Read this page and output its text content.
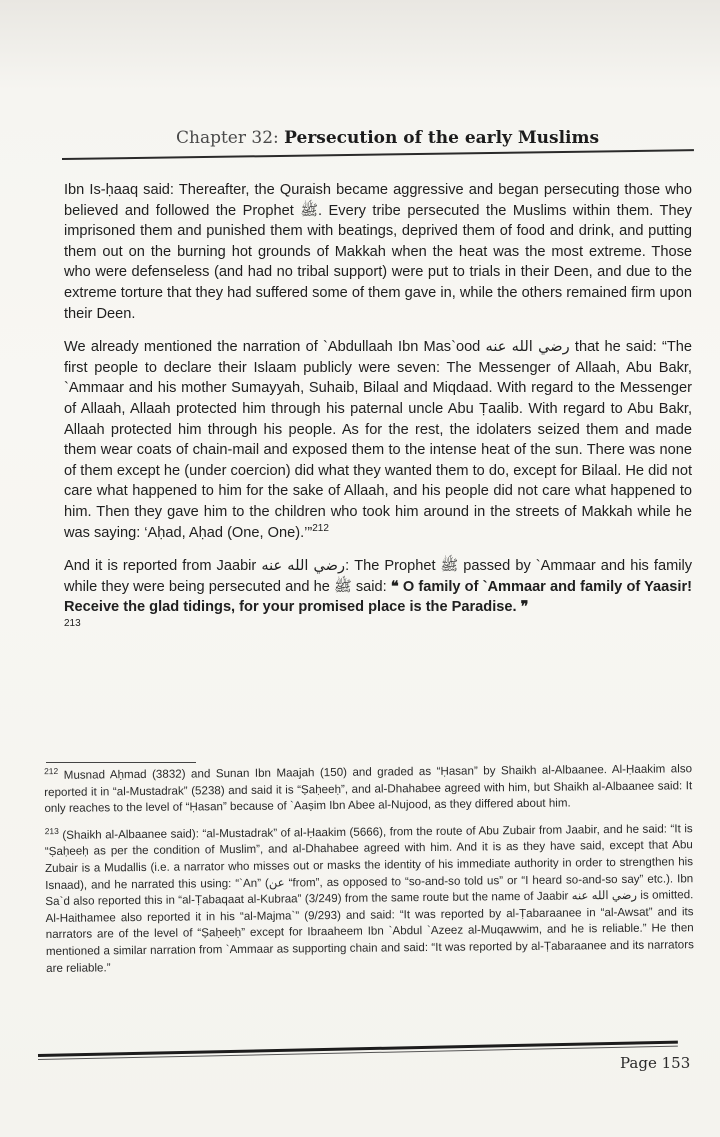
Chapter 32: Persecution of the early Muslims

Ibn Is-ḥaaq said: Thereafter, the Quraish became aggressive and began persecuting those who believed and followed the Prophet ﷺ. Every tribe persecuted the Muslims within them. They imprisoned them and punished them with beatings, deprived them of food and drink, and putting them out on the burning hot grounds of Makkah when the heat was the most extreme. Those who were defenseless (and had no tribal support) were put to trials in their Deen, and due to the extreme torture that they had suffered some of them gave in, while the others remained firm upon their Deen.

We already mentioned the narration of `Abdullaah Ibn Mas`ood رضي الله عنه that he said: “The first people to declare their Islaam publicly were seven: The Messenger of Allaah, Abu Bakr, `Ammaar and his mother Sumayyah, Suhaib, Bilaal and Miqdaad. With regard to the Messenger of Allaah, Allaah protected him through his paternal uncle Abu Ṭaalib. With regard to Abu Bakr, Allaah protected him through his people. As for the rest, the idolaters seized them and made them wear coats of chain-mail and exposed them to the intense heat of the sun. There was none of them except he (under coercion) did what they wanted them to do, except for Bilaal. He did not care what happened to him for the sake of Allaah, and his people did not care what happened to him. Then they gave him to the children who took him around in the streets of Makkah while he was saying: ‘Aḥad, Aḥad (One, One).’”$^{212}$

And it is reported from Jaabir رضي الله عنه: The Prophet ﷺ passed by `Ammaar and his family while they were being persecuted and he ﷺ said: ❝ O family of `Ammaar and family of Yaasir! Receive the glad tidings, for your promised place is the Paradise. ❞
$^{213}$

$^{212}$ Musnad Aḥmad (3832) and Sunan Ibn Maajah (150) and graded as “Ḥasan” by Shaikh al-Albaanee. Al-Ḥaakim also reported it in “al-Mustadrak” (5238) and said it is “Ṣaḥeeḥ”, and al-Dhahabee agreed with him, but Shaikh al-Albaanee said: It only reaches to the level of “Ḥasan” because of `Aaṣim Ibn Abee al-Nujood, as they differed about him.

$^{213}$ (Shaikh al-Albaanee said): “al-Mustadrak” of al-Ḥaakim (5666), from the route of Abu Zubair from Jaabir, and he said: “It is “Ṣaḥeeḥ as per the condition of Muslim”, and al-Dhahabee agreed with him. And it is as they have said, except that Abu Zubair is a Mudallis (i.e. a narrator who misses out or masks the identity of his immediate authority in order to strengthen his Isnaad), and he narrated this using: “`An” (عن “from”, as opposed to “so-and-so told us” or “I heard so-and-so say” etc.). Ibn Sa`d also reported this in “al-Ṭabaqaat al-Kubraa” (3/249) from the same route but the name of Jaabir رضي الله عنه is omitted. Al-Haithamee also reported it in his “al-Majma`” (9/293) and said: “It was reported by al-Ṭabaraanee in “al-Awsat” and its narrators are of the level of “Ṣaḥeeḥ” except for Ibraaheem Ibn `Abdul `Azeez al-Muqawwim, and he is reliable.” He then mentioned a similar narration from `Ammaar as supporting chain and said: “It was reported by al-Ṭabaraanee and its narrators are reliable.”

Page 153
